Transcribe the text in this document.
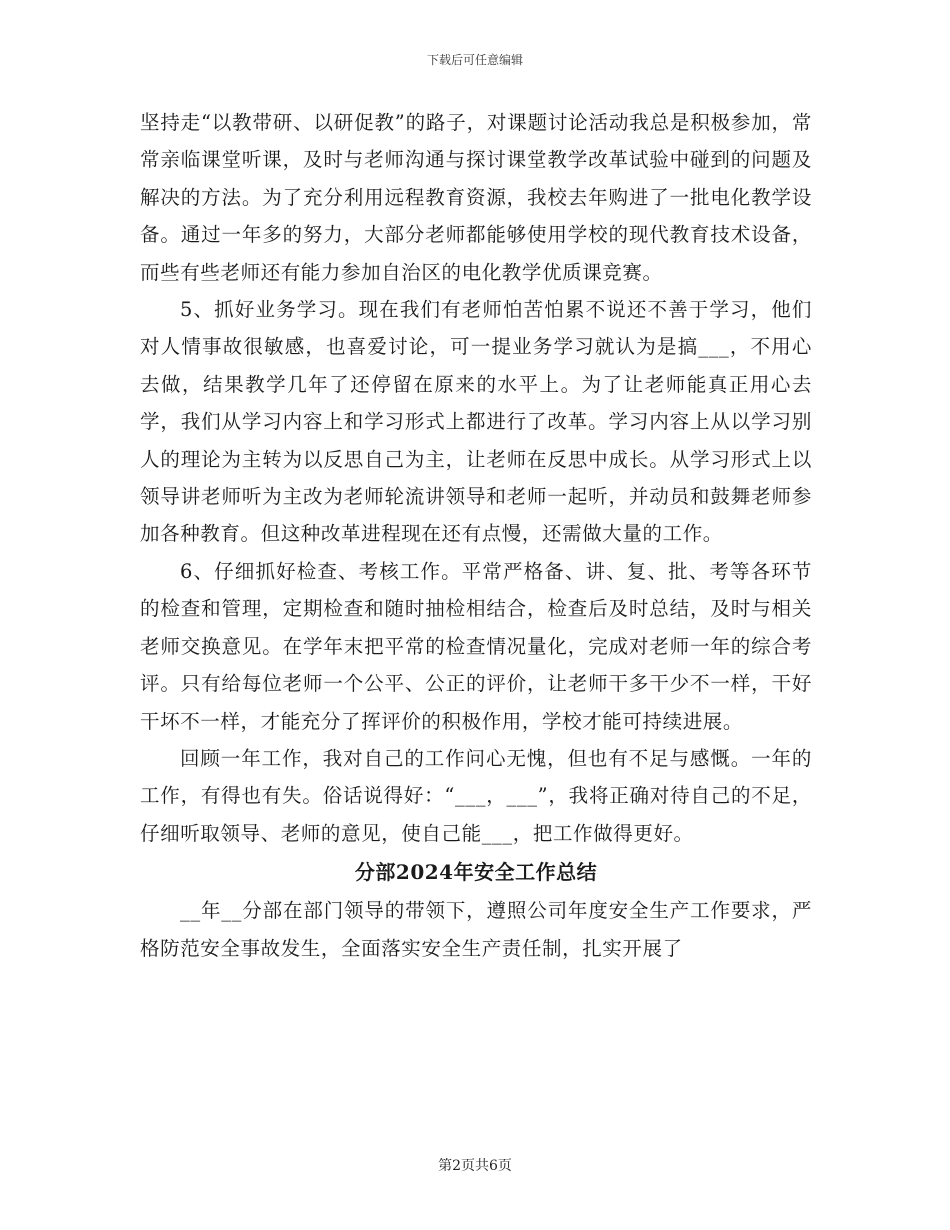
下载后可任意编辑

坚持走“以教带研、以研促教”的路子，对课题讨论活动我总是积极参加，常常亲临课堂听课，及时与老师沟通与探讨课堂教学改革试验中碰到的问题及解决的方法。为了充分利用远程教育资源，我校去年购进了一批电化教学设备。通过一年多的努力，大部分老师都能够使用学校的现代教育技术设备，而些有些老师还有能力参加自治区的电化教学优质课竞赛。

5、抓好业务学习。现在我们有老师怕苦怕累不说还不善于学习，他们对人情事故很敏感，也喜爱讨论，可一提业务学习就认为是搞___，不用心去做，结果教学几年了还停留在原来的水平上。为了让老师能真正用心去学，我们从学习内容上和学习形式上都进行了改革。学习内容上从以学习别人的理论为主转为以反思自己为主，让老师在反思中成长。从学习形式上以领导讲老师听为主改为老师轮流讲领导和老师一起听，并动员和鼓舞老师参加各种教育。但这种改革进程现在还有点慢，还需做大量的工作。

6、仔细抓好检查、考核工作。平常严格备、讲、复、批、考等各环节的检查和管理，定期检查和随时抽检相结合，检查后及时总结，及时与相关老师交换意见。在学年末把平常的检查情况量化，完成对老师一年的综合考评。只有给每位老师一个公平、公正的评价，让老师干多干少不一样，干好干坏不一样，才能充分了挥评价的积极作用，学校才能可持续进展。

回顾一年工作，我对自己的工作问心无愧，但也有不足与感慨。一年的工作，有得也有失。俗话说得好：“___，___”，我将正确对待自己的不足，仔细听取领导、老师的意见，使自己能___，把工作做得更好。

分部2024年安全工作总结

__年__分部在部门领导的带领下，遵照公司年度安全生产工作要求，严格防范安全事故发生，全面落实安全生产责任制，扎实开展了

第2页共6页
